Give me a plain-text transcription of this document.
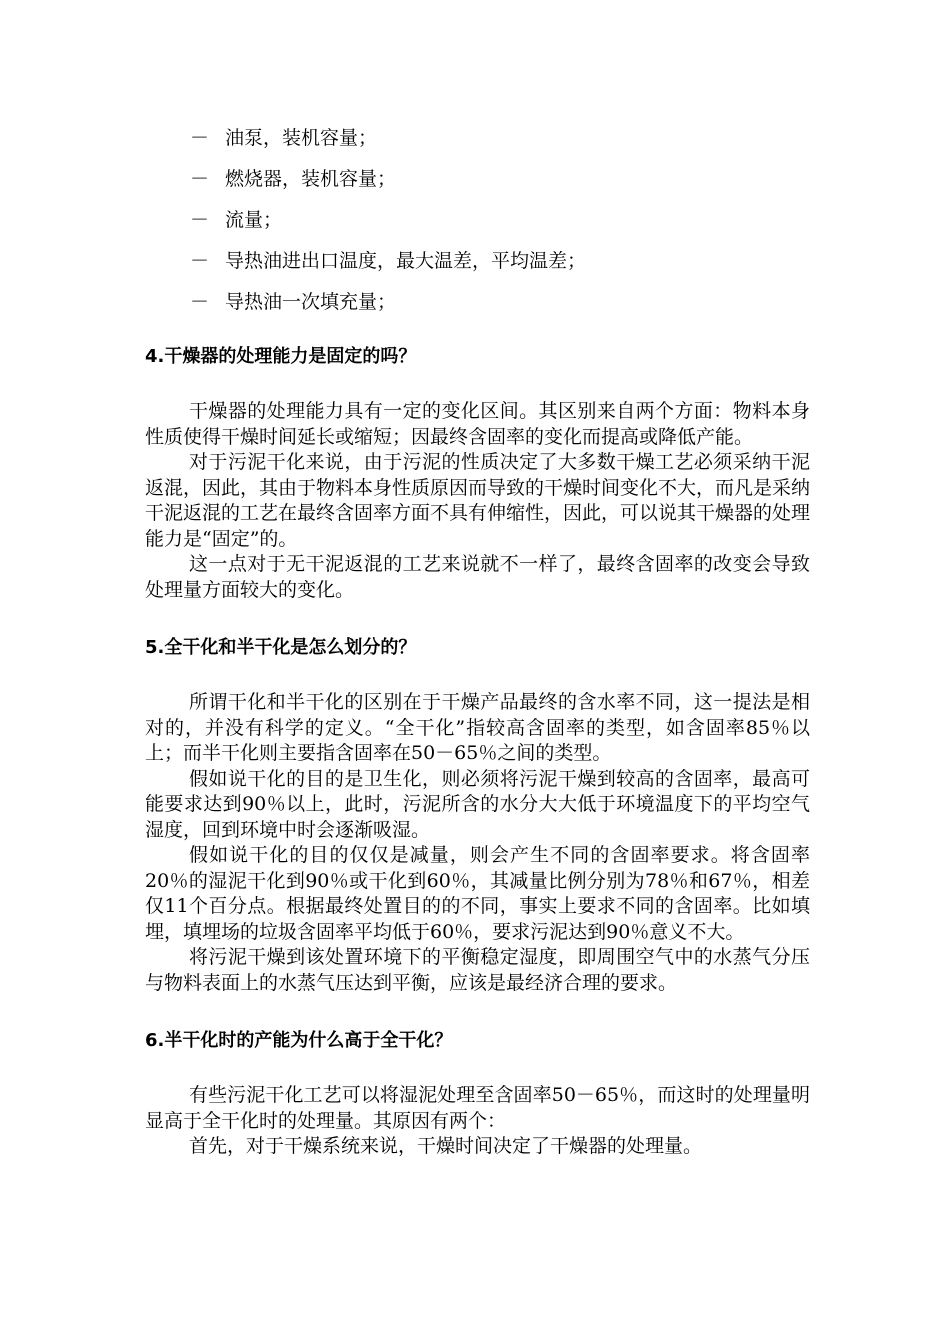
－ 油泵，装机容量；
－ 燃烧器，装机容量；
－ 流量；
－ 导热油进出口温度，最大温差，平均温差；
－ 导热油一次填充量；
4.干燥器的处理能力是固定的吗？

干燥器的处理能力具有一定的变化区间。其区别来自两个方面：物料本身性质使得干燥时间延长或缩短；因最终含固率的变化而提高或降低产能。

对于污泥干化来说，由于污泥的性质决定了大多数干燥工艺必须采纳干泥返混，因此，其由于物料本身性质原因而导致的干燥时间变化不大，而凡是采纳干泥返混的工艺在最终含固率方面不具有伸缩性，因此，可以说其干燥器的处理能力是“固定”的。

这一点对于无干泥返混的工艺来说就不一样了，最终含固率的改变会导致处理量方面较大的变化。

5.全干化和半干化是怎么划分的？

所谓干化和半干化的区别在于干燥产品最终的含水率不同，这一提法是相对的，并没有科学的定义。“全干化”指较高含固率的类型，如含固率85％以上；而半干化则主要指含固率在50－65％之间的类型。

假如说干化的目的是卫生化，则必须将污泥干燥到较高的含固率，最高可能要求达到90％以上，此时，污泥所含的水分大大低于环境温度下的平均空气湿度，回到环境中时会逐渐吸湿。

假如说干化的目的仅仅是减量，则会产生不同的含固率要求。将含固率20％的湿泥干化到90％或干化到60％，其减量比例分别为78％和67％，相差仅11个百分点。根据最终处置目的的不同，事实上要求不同的含固率。比如填埋，填埋场的垃圾含固率平均低于60％，要求污泥达到90％意义不大。

将污泥干燥到该处置环境下的平衡稳定湿度，即周围空气中的水蒸气分压与物料表面上的水蒸气压达到平衡，应该是最经济合理的要求。

6.半干化时的产能为什么高于全干化？

有些污泥干化工艺可以将湿泥处理至含固率50－65％，而这时的处理量明显高于全干化时的处理量。其原因有两个：

首先，对于干燥系统来说，干燥时间决定了干燥器的处理量。
